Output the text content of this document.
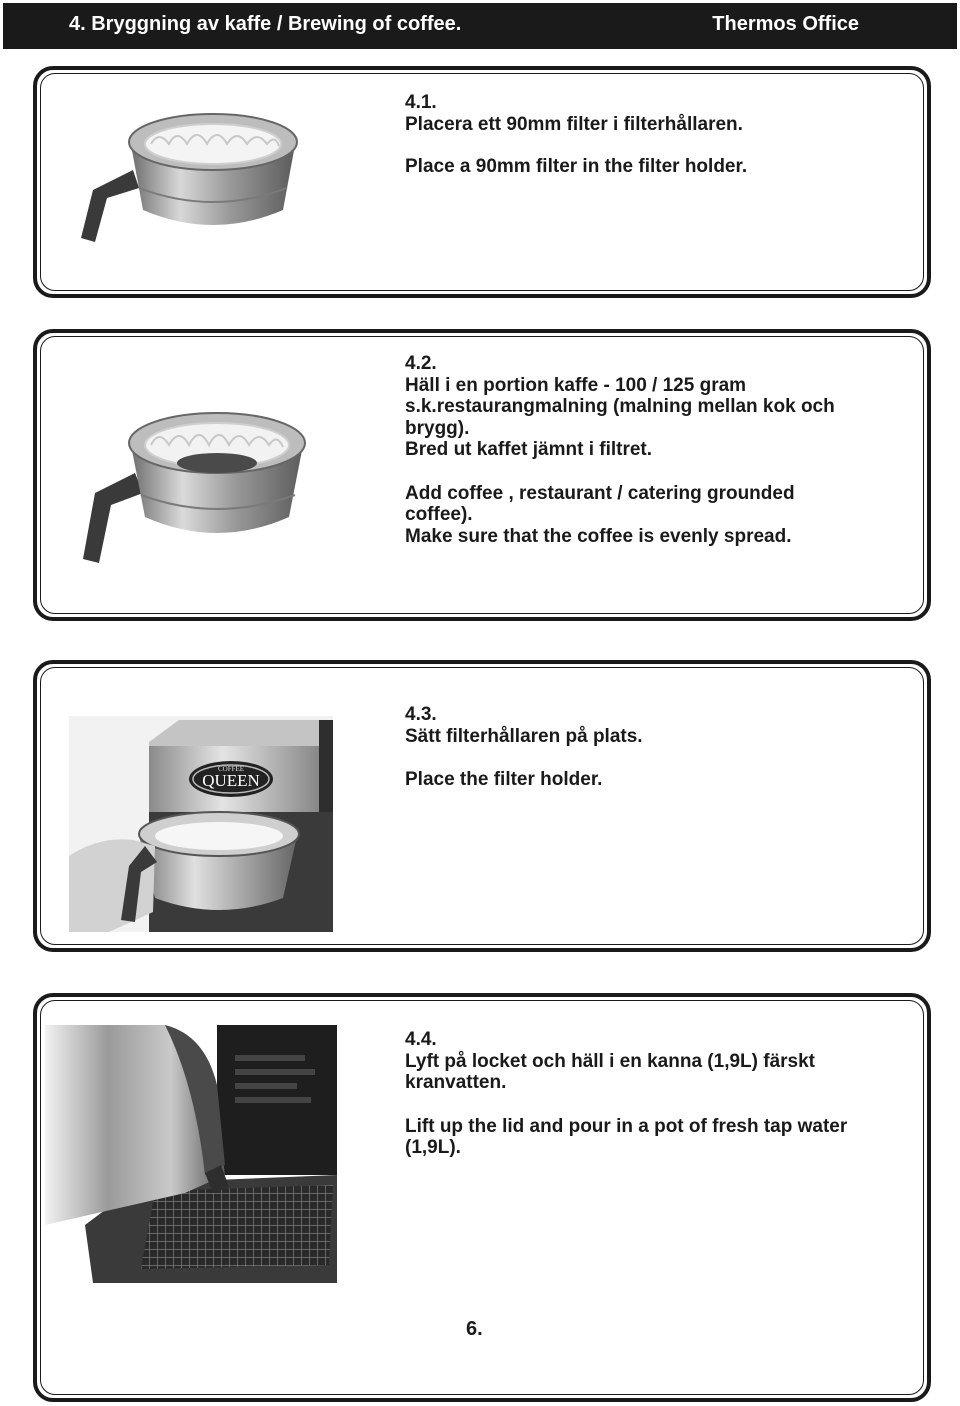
4. Bryggning av kaffe / Brewing of coffee.	Thermos Office
4.1.
Placera ett 90mm filter i filterhållaren.
Place a 90mm filter in the filter holder.
4.2.
Häll i en portion kaffe - 100 / 125 gram
s.k.restaurangmalning (malning mellan kok och
brygg).
Bred ut kaffet jämnt i filtret.
Add coffee , restaurant / catering grounded
coffee).
Make sure that the coffee is evenly spread.
COFFEE
QUEEN
4.3.
Sätt filterhållaren på plats.
Place the filter holder.
4.4.
Lyft på locket och häll i en kanna (1,9L) färskt
kranvatten.
Lift up the lid and pour in a pot of fresh tap water
(1,9L).
6.
